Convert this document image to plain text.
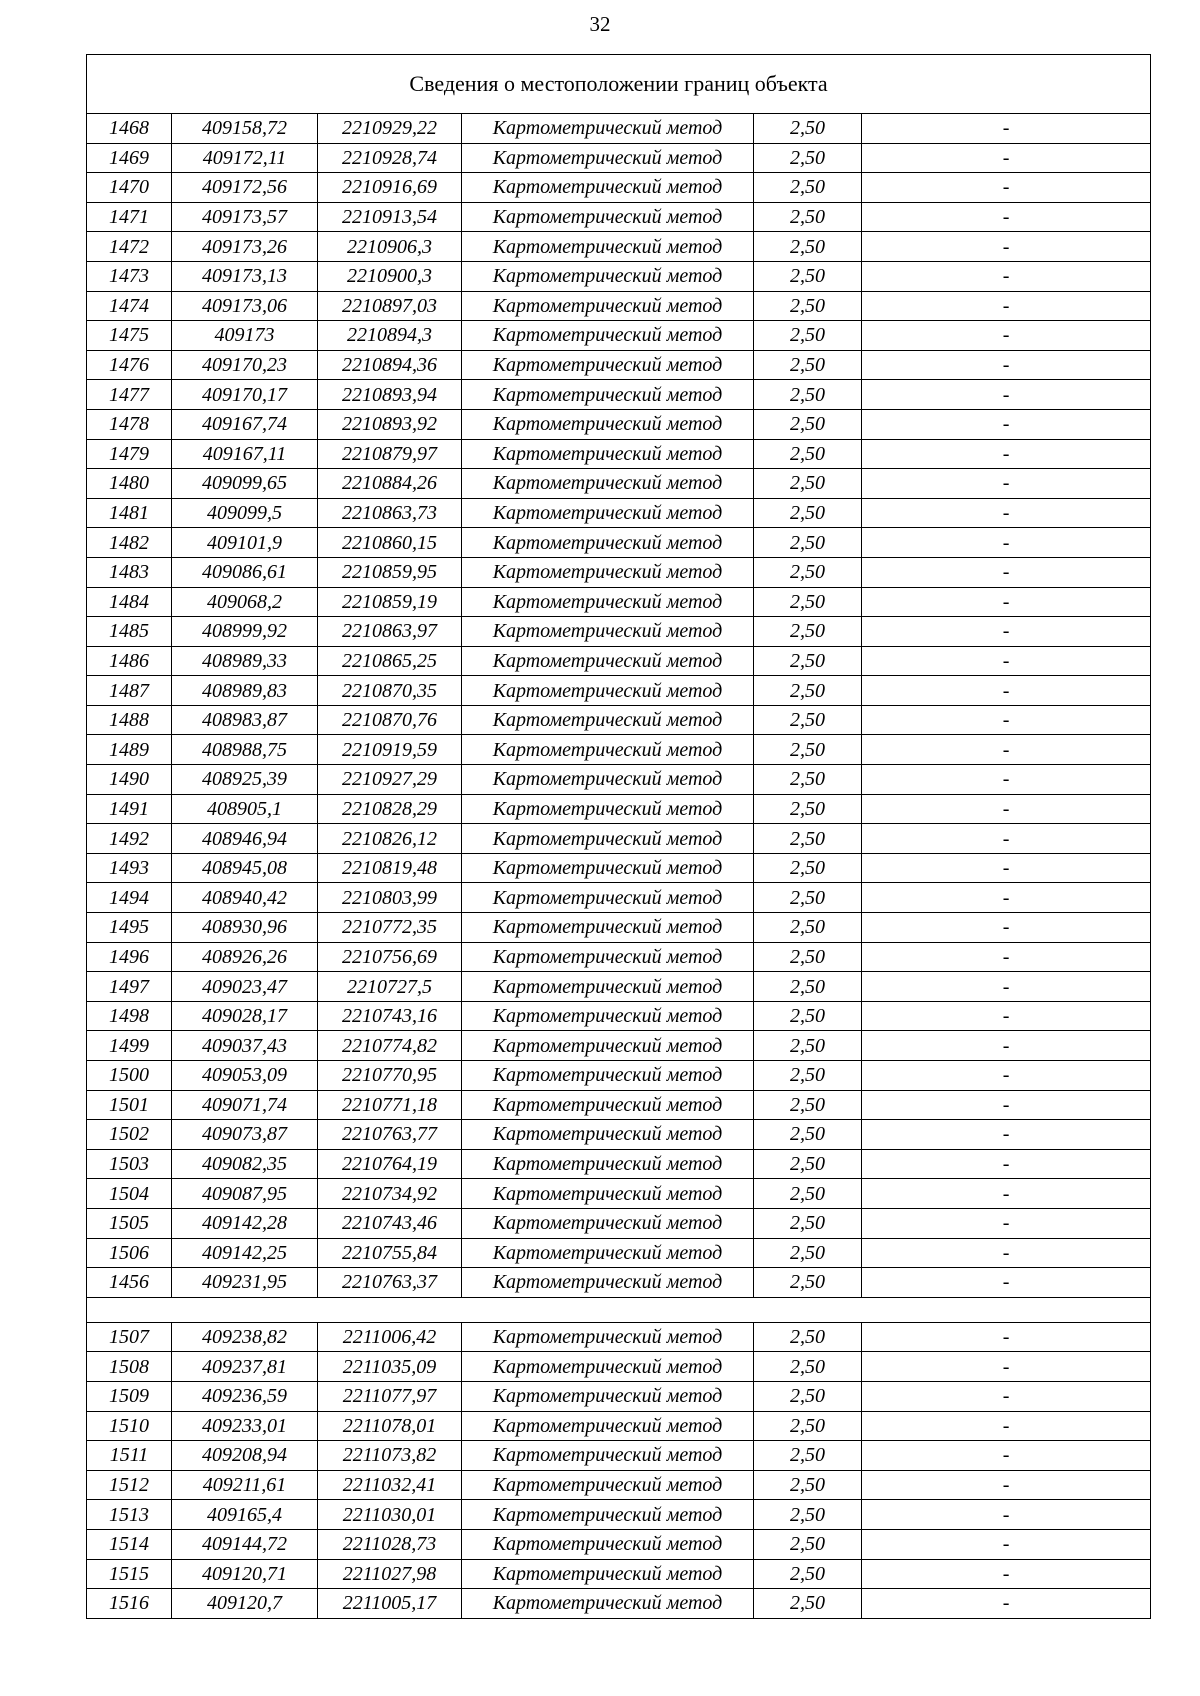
32
Сведения о местоположении границ объекта					
1468	409158,72	2210929,22	Картометрический метод	2,50	-
1469	409172,11	2210928,74	Картометрический метод	2,50	-
1470	409172,56	2210916,69	Картометрический метод	2,50	-
1471	409173,57	2210913,54	Картометрический метод	2,50	-
1472	409173,26	2210906,3	Картометрический метод	2,50	-
1473	409173,13	2210900,3	Картометрический метод	2,50	-
1474	409173,06	2210897,03	Картометрический метод	2,50	-
1475	409173	2210894,3	Картометрический метод	2,50	-
1476	409170,23	2210894,36	Картометрический метод	2,50	-
1477	409170,17	2210893,94	Картометрический метод	2,50	-
1478	409167,74	2210893,92	Картометрический метод	2,50	-
1479	409167,11	2210879,97	Картометрический метод	2,50	-
1480	409099,65	2210884,26	Картометрический метод	2,50	-
1481	409099,5	2210863,73	Картометрический метод	2,50	-
1482	409101,9	2210860,15	Картометрический метод	2,50	-
1483	409086,61	2210859,95	Картометрический метод	2,50	-
1484	409068,2	2210859,19	Картометрический метод	2,50	-
1485	408999,92	2210863,97	Картометрический метод	2,50	-
1486	408989,33	2210865,25	Картометрический метод	2,50	-
1487	408989,83	2210870,35	Картометрический метод	2,50	-
1488	408983,87	2210870,76	Картометрический метод	2,50	-
1489	408988,75	2210919,59	Картометрический метод	2,50	-
1490	408925,39	2210927,29	Картометрический метод	2,50	-
1491	408905,1	2210828,29	Картометрический метод	2,50	-
1492	408946,94	2210826,12	Картометрический метод	2,50	-
1493	408945,08	2210819,48	Картометрический метод	2,50	-
1494	408940,42	2210803,99	Картометрический метод	2,50	-
1495	408930,96	2210772,35	Картометрический метод	2,50	-
1496	408926,26	2210756,69	Картометрический метод	2,50	-
1497	409023,47	2210727,5	Картометрический метод	2,50	-
1498	409028,17	2210743,16	Картометрический метод	2,50	-
1499	409037,43	2210774,82	Картометрический метод	2,50	-
1500	409053,09	2210770,95	Картометрический метод	2,50	-
1501	409071,74	2210771,18	Картометрический метод	2,50	-
1502	409073,87	2210763,77	Картометрический метод	2,50	-
1503	409082,35	2210764,19	Картометрический метод	2,50	-
1504	409087,95	2210734,92	Картометрический метод	2,50	-
1505	409142,28	2210743,46	Картометрический метод	2,50	-
1506	409142,25	2210755,84	Картометрический метод	2,50	-
1456	409231,95	2210763,37	Картометрический метод	2,50	-

1507	409238,82	2211006,42	Картометрический метод	2,50	-
1508	409237,81	2211035,09	Картометрический метод	2,50	-
1509	409236,59	2211077,97	Картометрический метод	2,50	-
1510	409233,01	2211078,01	Картометрический метод	2,50	-
1511	409208,94	2211073,82	Картометрический метод	2,50	-
1512	409211,61	2211032,41	Картометрический метод	2,50	-
1513	409165,4	2211030,01	Картометрический метод	2,50	-
1514	409144,72	2211028,73	Картометрический метод	2,50	-
1515	409120,71	2211027,98	Картометрический метод	2,50	-
1516	409120,7	2211005,17	Картометрический метод	2,50	-
